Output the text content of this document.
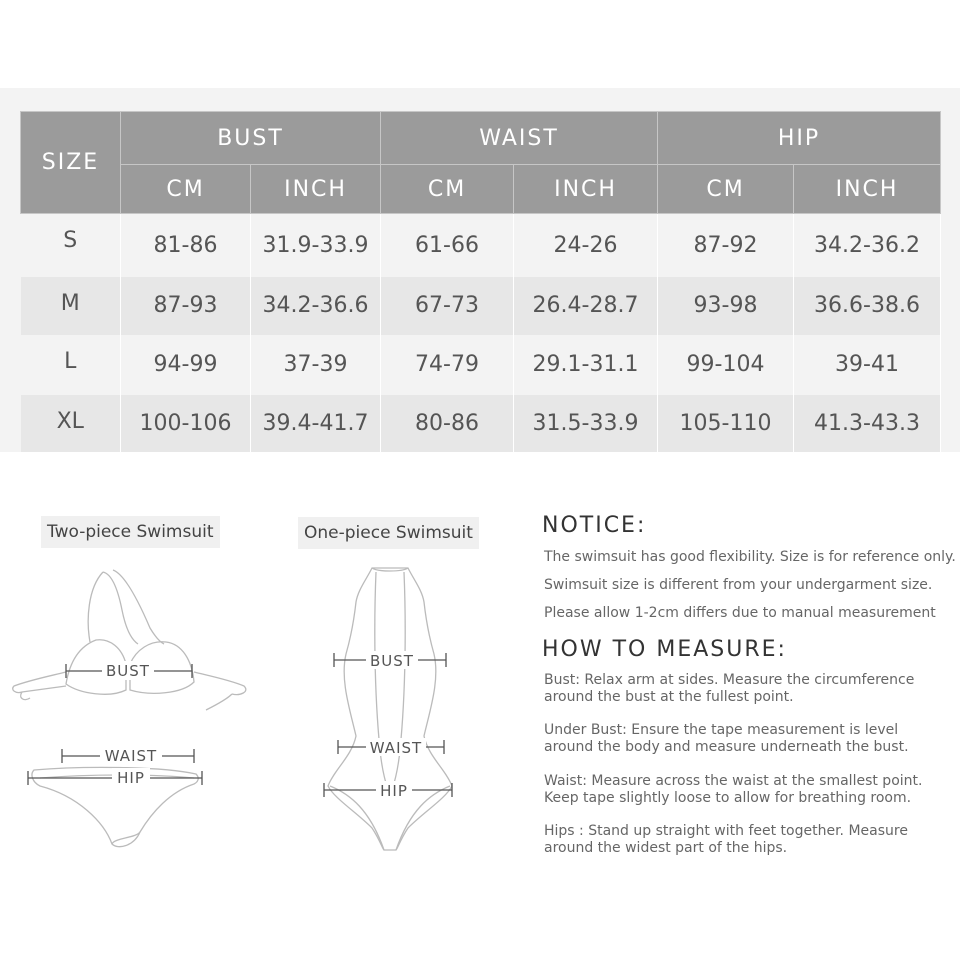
SIZE	BUST		WAIST		HIP	
	CM	INCH	CM	INCH	CM	INCH
S	81-86	31.9-33.9	61-66	24-26	87-92	34.2-36.2
M	87-93	34.2-36.6	67-73	26.4-28.7	93-98	36.6-38.6
L	94-99	37-39	74-79	29.1-31.1	99-104	39-41
XL	100-106	39.4-41.7	80-86	31.5-33.9	105-110	41.3-43.3
Two-piece Swimsuit	One-piece Swimsuit
BUST
WAIST
HIP
BUST
WAIST
HIP
NOTICE:
The swimsuit has good flexibility. Size is for reference only.
Swimsuit size is different from your undergarment size.
Please allow 1-2cm differs due to manual measurement
HOW TO MEASURE:
Bust: Relax arm at sides. Measure the circumference around the bust at the fullest point.
Under Bust: Ensure the tape measurement is level around the body and measure underneath the bust.
Waist: Measure across the waist at the smallest point. Keep tape slightly loose to allow for breathing room.
Hips : Stand up straight with feet together. Measure around the widest part of the hips.
